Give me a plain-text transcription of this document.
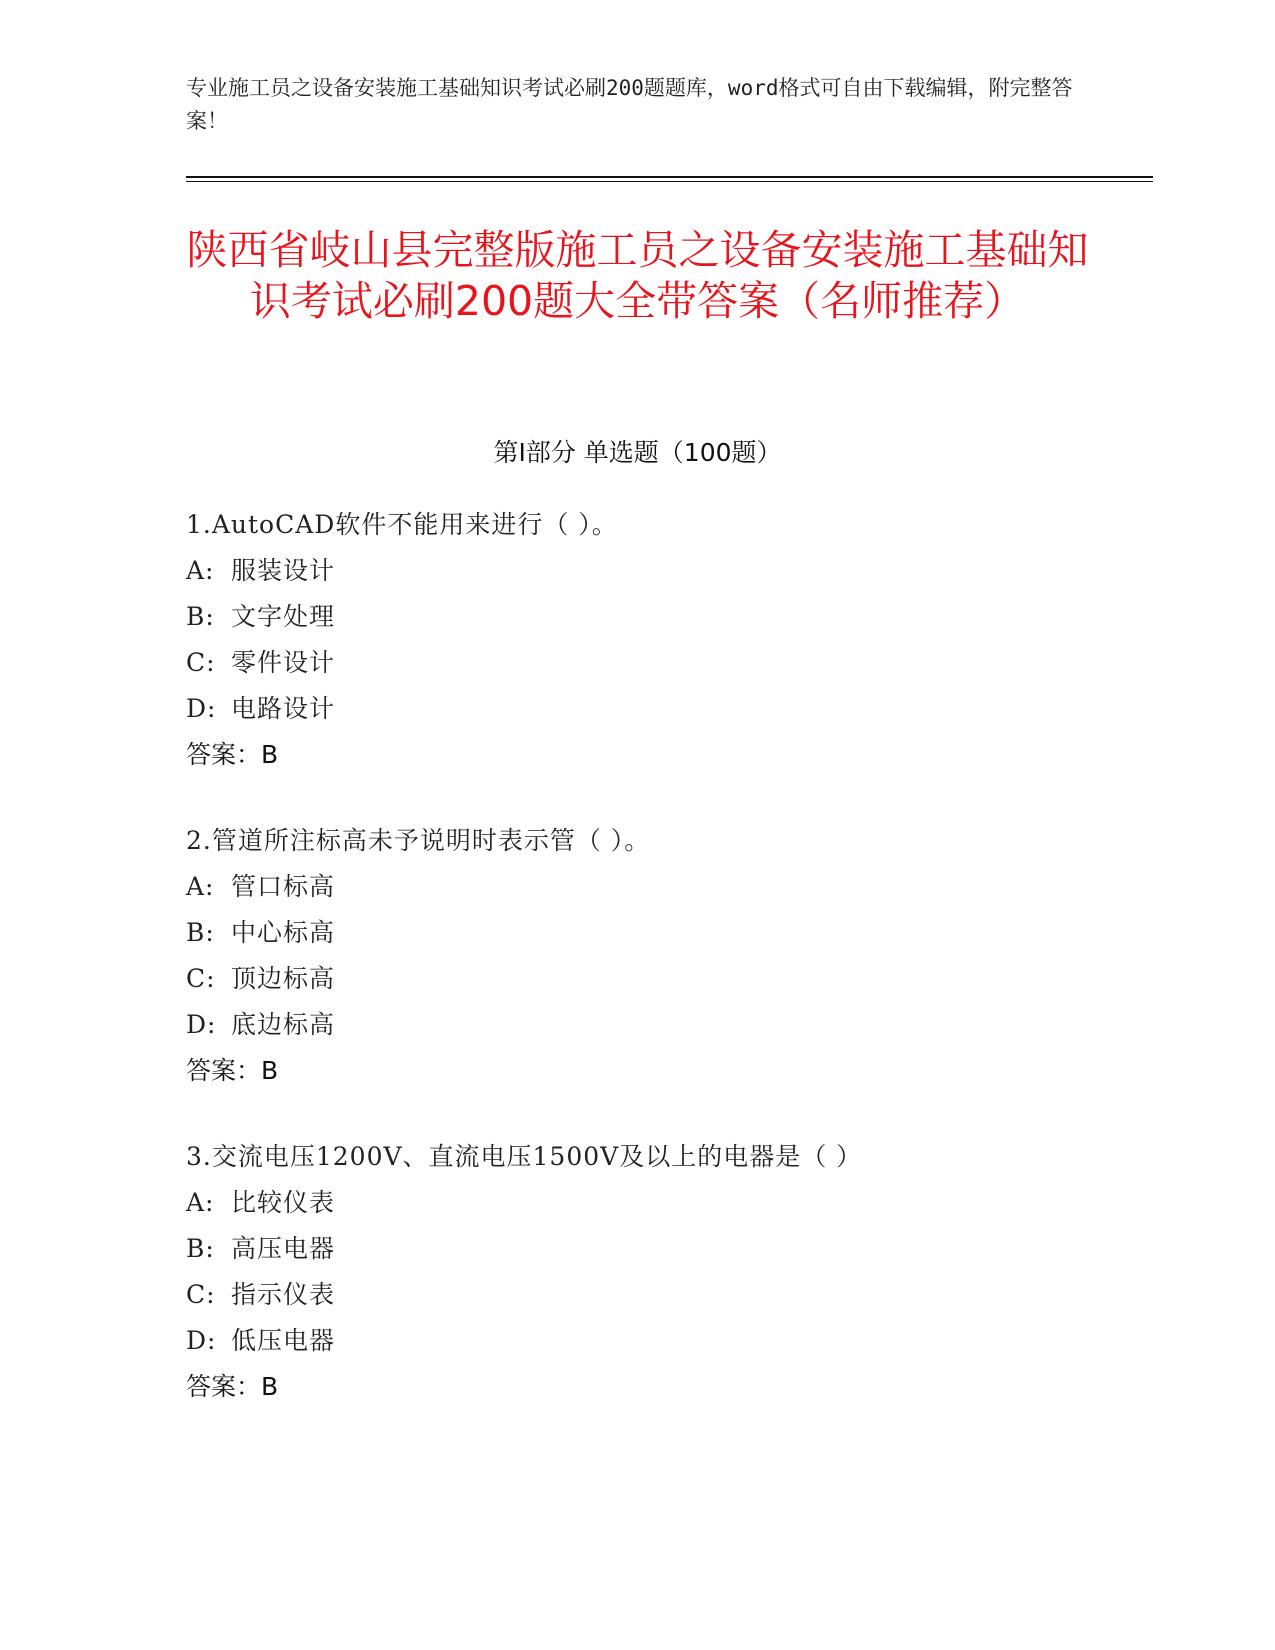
专业施工员之设备安装施工基础知识考试必刷200题题库，word格式可自由下载编辑，附完整答案！
陕西省岐山县完整版施工员之设备安装施工基础知识考试必刷200题大全带答案（名师推荐）
第I部分 单选题（100题）
1.AutoCAD软件不能用来进行（ ）。
A: 服装设计
B: 文字处理
C: 零件设计
D: 电路设计
答案：B
2.管道所注标高未予说明时表示管（ ）。
A: 管口标高
B: 中心标高
C: 顶边标高
D: 底边标高
答案：B
3.交流电压1200V、直流电压1500V及以上的电器是（ ）
A: 比较仪表
B: 高压电器
C: 指示仪表
D: 低压电器
答案：B
